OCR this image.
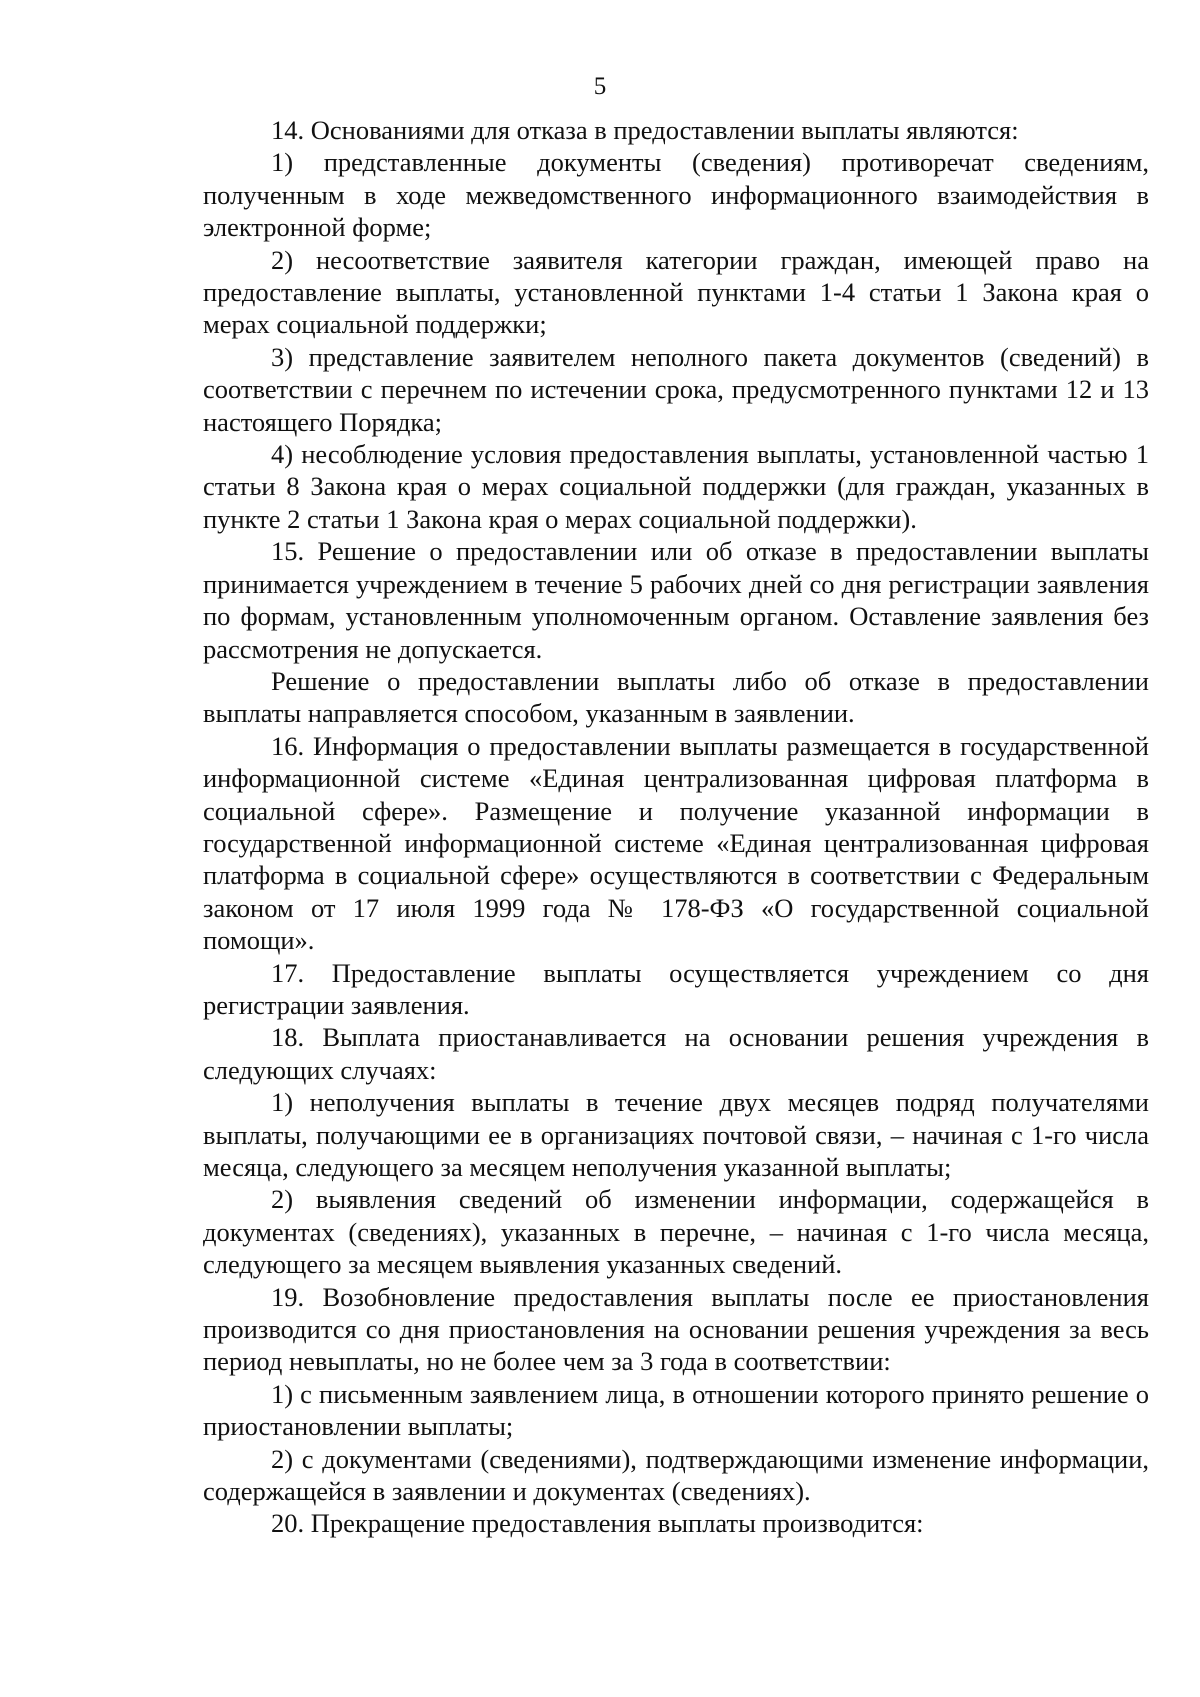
5

14. Основаниями для отказа в предоставлении выплаты являются:

1) представленные документы (сведения) противоречат сведениям, полученным в ходе межведомственного информационного взаимодействия в электронной форме;

2) несоответствие заявителя категории граждан, имеющей право на предоставление выплаты, установленной пунктами 1-4 статьи 1 Закона края о мерах социальной поддержки;

3) представление заявителем неполного пакета документов (сведений) в соответствии с перечнем по истечении срока, предусмотренного пунктами 12 и 13 настоящего Порядка;

4) несоблюдение условия предоставления выплаты, установленной частью 1 статьи 8 Закона края о мерах социальной поддержки (для граждан, указанных в пункте 2 статьи 1 Закона края о мерах социальной поддержки).

15. Решение о предоставлении или об отказе в предоставлении выплаты принимается учреждением в течение 5 рабочих дней со дня регистрации заявления по формам, установленным уполномоченным органом. Оставление заявления без рассмотрения не допускается.

Решение о предоставлении выплаты либо об отказе в предоставлении выплаты направляется способом, указанным в заявлении.

16. Информация о предоставлении выплаты размещается в государственной информационной системе «Единая централизованная цифровая платформа в социальной сфере». Размещение и получение указанной информации в государственной информационной системе «Единая централизованная цифровая платформа в социальной сфере» осуществляются в соответствии с Федеральным законом от 17 июля 1999 года № 178-ФЗ «О государственной социальной помощи».

17. Предоставление выплаты осуществляется учреждением со дня регистрации заявления.

18. Выплата приостанавливается на основании решения учреждения в следующих случаях:

1) неполучения выплаты в течение двух месяцев подряд получателями выплаты, получающими ее в организациях почтовой связи, – начиная с 1-го числа месяца, следующего за месяцем неполучения указанной выплаты;

2) выявления сведений об изменении информации, содержащейся в документах (сведениях), указанных в перечне, – начиная с 1-го числа месяца, следующего за месяцем выявления указанных сведений.

19. Возобновление предоставления выплаты после ее приостановления производится со дня приостановления на основании решения учреждения за весь период невыплаты, но не более чем за 3 года в соответствии:

1) с письменным заявлением лица, в отношении которого принято решение о приостановлении выплаты;

2) с документами (сведениями), подтверждающими изменение информации, содержащейся в заявлении и документах (сведениях).

20. Прекращение предоставления выплаты производится:
